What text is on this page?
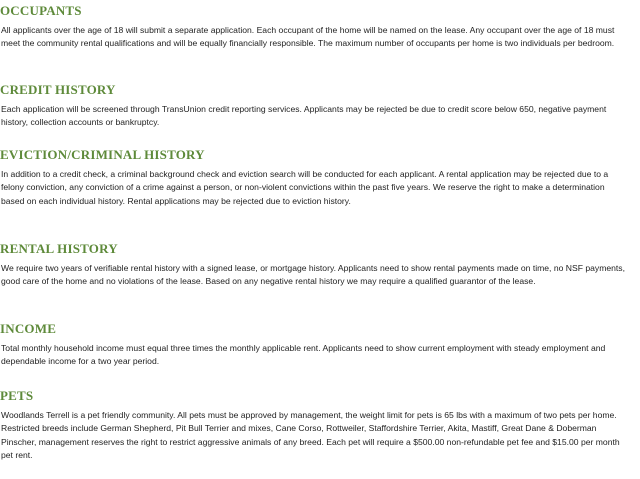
OCCUPANTS

All applicants over the age of 18 will submit a separate application. Each occupant of the home will be named on the lease. Any occupant over the age of 18 must meet the community rental qualifications and will be equally financially responsible. The maximum number of occupants per home is two individuals per bedroom.

CREDIT HISTORY

Each application will be screened through TransUnion credit reporting services. Applicants may be rejected be due to credit score below 650, negative payment history, collection accounts or bankruptcy.

EVICTION/CRIMINAL HISTORY

In addition to a credit check, a criminal background check and eviction search will be conducted for each applicant. A rental application may be rejected due to a felony conviction, any conviction of a crime against a person, or non-violent convictions within the past five years. We reserve the right to make a determination based on each individual history. Rental applications may be rejected due to eviction history.

RENTAL HISTORY

We require two years of verifiable rental history with a signed lease, or mortgage history. Applicants need to show rental payments made on time, no NSF payments, good care of the home and no violations of the lease. Based on any negative rental history we may require a qualified guarantor of the lease.

INCOME

Total monthly household income must equal three times the monthly applicable rent. Applicants need to show current employment with steady employment and dependable income for a two year period.

PETS

Woodlands Terrell is a pet friendly community. All pets must be approved by management, the weight limit for pets is 65 lbs with a maximum of two pets per home. Restricted breeds include German Shepherd, Pit Bull Terrier and mixes, Cane Corso, Rottweiler, Staffordshire Terrier, Akita, Mastiff, Great Dane & Doberman Pinscher, management reserves the right to restrict aggressive animals of any breed. Each pet will require a $500.00 non-refundable pet fee and $15.00 per month pet rent.
